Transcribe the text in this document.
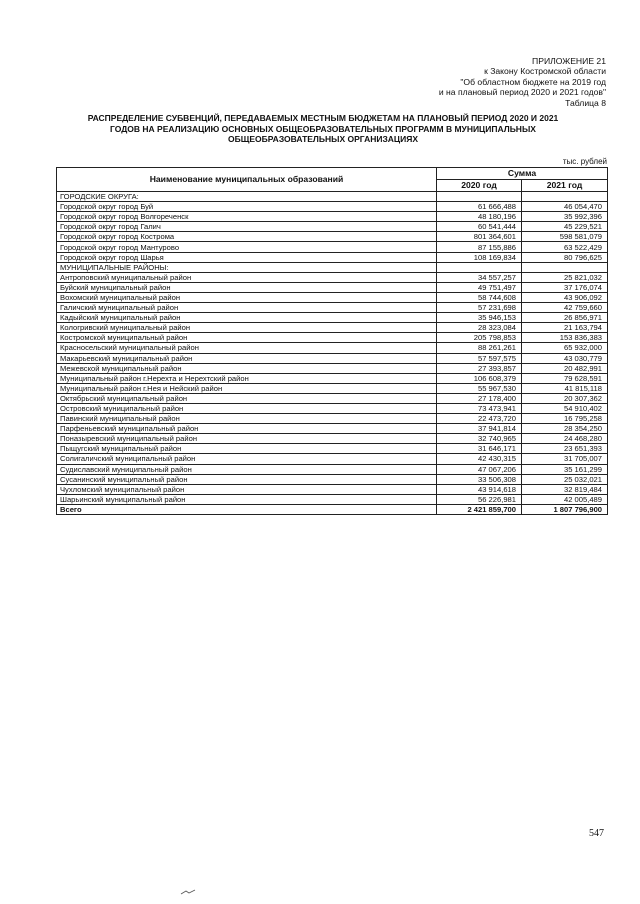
ПРИЛОЖЕНИЕ 21
к Закону Костромской области
"Об областном бюджете на 2019 год
и на плановый период 2020 и 2021 годов"
Таблица 8
РАСПРЕДЕЛЕНИЕ СУБВЕНЦИЙ, ПЕРЕДАВАЕМЫХ МЕСТНЫМ БЮДЖЕТАМ НА ПЛАНОВЫЙ ПЕРИОД 2020 И 2021
ГОДОВ НА РЕАЛИЗАЦИЮ ОСНОВНЫХ ОБЩЕОБРАЗОВАТЕЛЬНЫХ ПРОГРАММ В МУНИЦИПАЛЬНЫХ
ОБЩЕОБРАЗОВАТЕЛЬНЫХ ОРГАНИЗАЦИЯХ
тыс. рублей
Наименование муниципальных образований	Сумма	
	2020 год	2021 год
ГОРОДСКИЕ ОКРУГА:		
Городской округ город Буй	61 666,488	46 054,470
Городской округ город Волгореченск	48 180,196	35 992,396
Городской округ город Галич	60 541,444	45 229,521
Городской округ город Кострома	801 364,601	598 581,079
Городской округ город Мантурово	87 155,886	63 522,429
Городской округ город Шарья	108 169,834	80 796,625
МУНИЦИПАЛЬНЫЕ РАЙОНЫ:		
Антроповский муниципальный район	34 557,257	25 821,032
Буйский муниципальный район	49 751,497	37 176,074
Вохомский муниципальный район	58 744,608	43 906,092
Галичский муниципальный район	57 231,698	42 759,660
Кадыйский муниципальный район	35 946,153	26 856,971
Кологривский муниципальный район	28 323,084	21 163,794
Костромской муниципальный район	205 798,853	153 836,383
Красносельский муниципальный район	88 261,261	65 932,000
Макарьевский муниципальный район	57 597,575	43 030,779
Межевской муниципальный район	27 393,857	20 482,991
Муниципальный район г.Нерехта и Нерехтский район	106 608,379	79 628,591
Муниципальный район г.Нея и Нейский район	55 967,530	41 815,118
Октябрьский муниципальный район	27 178,400	20 307,362
Островский муниципальный район	73 473,941	54 910,402
Павинский муниципальный район	22 473,720	16 795,258
Парфеньевский муниципальный район	37 941,814	28 354,250
Поназыревский муниципальный район	32 740,965	24 468,280
Пыщугский муниципальный район	31 646,171	23 651,393
Солигаличский муниципальный район	42 430,315	31 705,007
Судиславский муниципальный район	47 067,206	35 161,299
Сусанинский муниципальный район	33 506,308	25 032,021
Чухломский муниципальный район	43 914,618	32 819,484
Шарьинский муниципальный район	56 226,981	42 005,489
Всего	2 421 859,700	1 807 796,900
547
